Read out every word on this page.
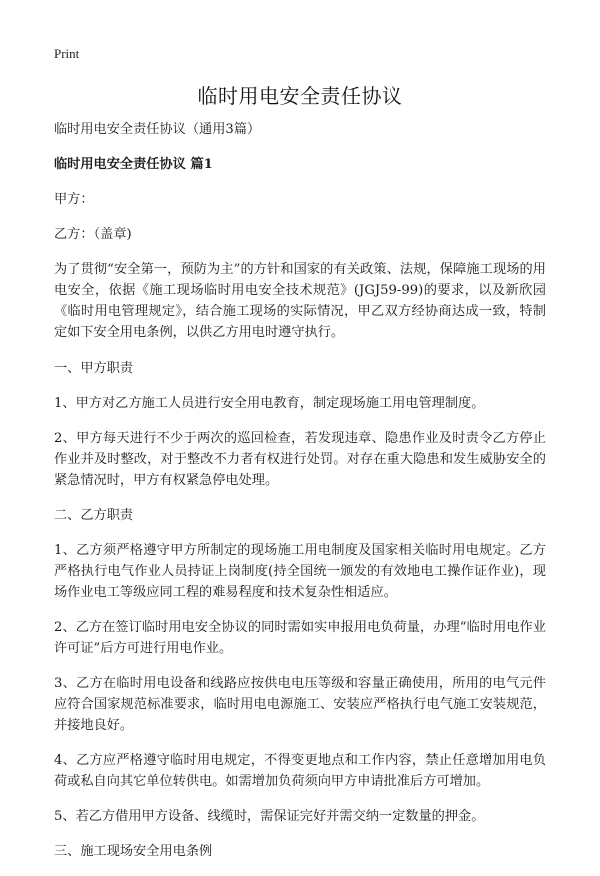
Print
临时用电安全责任协议

临时用电安全责任协议（通用3篇）

临时用电安全责任协议 篇1

甲方：

乙方：（盖章)

为了贯彻“安全第一，预防为主”的方针和国家的有关政策、法规，保障施工现场的用电安全，依据《施工现场临时用电安全技术规范》(JGJ59-99)的要求，以及新欣园《临时用电管理规定》，结合施工现场的实际情况，甲乙双方经协商达成一致，特制定如下安全用电条例，以供乙方用电时遵守执行。

一、甲方职责

1、甲方对乙方施工人员进行安全用电教育，制定现场施工用电管理制度。

2、甲方每天进行不少于两次的巡回检查，若发现违章、隐患作业及时责令乙方停止作业并及时整改，对于整改不力者有权进行处罚。对存在重大隐患和发生威胁安全的紧急情况时，甲方有权紧急停电处理。

二、乙方职责

1、乙方须严格遵守甲方所制定的现场施工用电制度及国家相关临时用电规定。乙方严格执行电气作业人员持证上岗制度(持全国统一颁发的有效地电工操作证作业)，现场作业电工等级应同工程的难易程度和技术复杂性相适应。

2、乙方在签订临时用电安全协议的同时需如实申报用电负荷量，办理“临时用电作业许可证”后方可进行用电作业。

3、乙方在临时用电设备和线路应按供电电压等级和容量正确使用，所用的电气元件应符合国家规范标准要求，临时用电电源施工、安装应严格执行电气施工安装规范，并接地良好。

4、乙方应严格遵守临时用电规定，不得变更地点和工作内容，禁止任意增加用电负荷或私自向其它单位转供电。如需增加负荷须向甲方申请批准后方可增加。

5、若乙方借用甲方设备、线缆时，需保证完好并需交纳一定数量的押金。

三、施工现场安全用电条例
